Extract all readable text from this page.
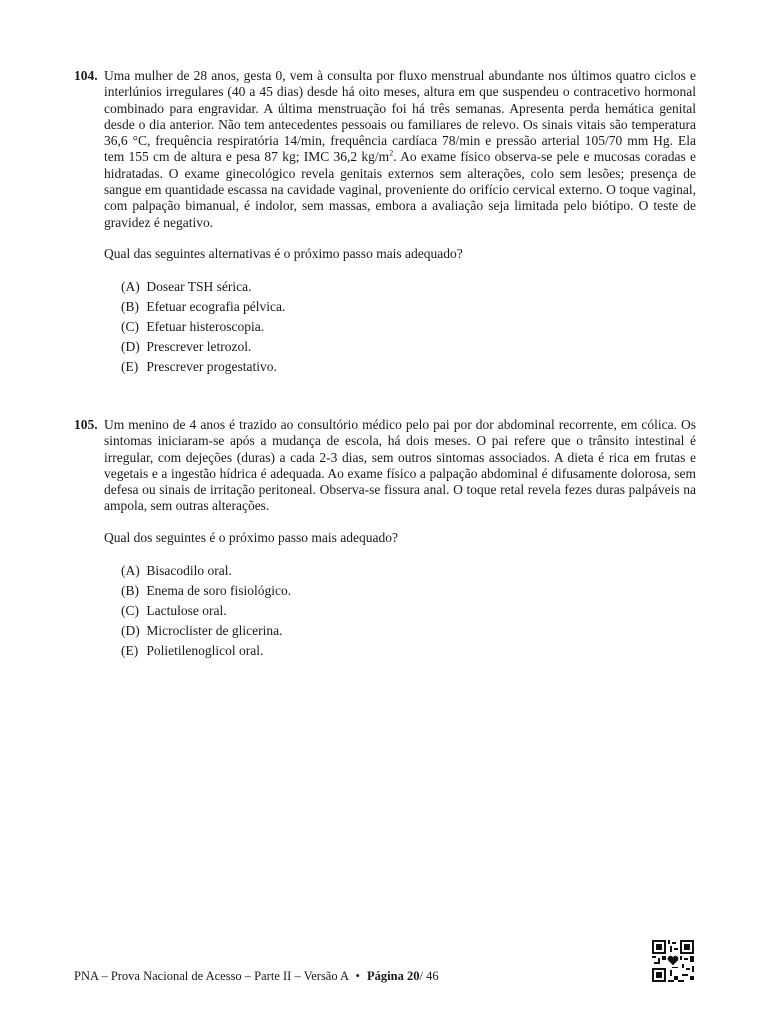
104. Uma mulher de 28 anos, gesta 0, vem à consulta por fluxo menstrual abundante nos últimos quatro ciclos e interlúnios irregulares (40 a 45 dias) desde há oito meses, altura em que suspendeu o contracetivo hormonal combinado para engravidar. A última menstruação foi há três semanas. Apresenta perda hemática genital desde o dia anterior. Não tem antecedentes pessoais ou familiares de relevo. Os sinais vitais são temperatura 36,6 °C, frequência respiratória 14/min, frequência cardíaca 78/min e pressão arterial 105/70 mm Hg. Ela tem 155 cm de altura e pesa 87 kg; IMC 36,2 $kg/m^2$. Ao exame físico observa-se pele e mucosas coradas e hidratadas. O exame ginecológico revela genitais externos sem alterações, colo sem lesões; presença de sangue em quantidade escassa na cavidade vaginal, proveniente do orifício cervical externo. O toque vaginal, com palpação bimanual, é indolor, sem massas, embora a avaliação seja limitada pelo biótipo. O teste de gravidez é negativo.

Qual das seguintes alternativas é o próximo passo mais adequado?

(A) Dosear TSH sérica.
(B) Efetuar ecografia pélvica.
(C) Efetuar histeroscopia.
(D) Prescrever letrozol.
(E) Prescrever progestativo.
105. Um menino de 4 anos é trazido ao consultório médico pelo pai por dor abdominal recorrente, em cólica. Os sintomas iniciaram-se após a mudança de escola, há dois meses. O pai refere que o trânsito intestinal é irregular, com dejeções (duras) a cada 2-3 dias, sem outros sintomas associados. A dieta é rica em frutas e vegetais e a ingestão hídrica é adequada. Ao exame físico a palpação abdominal é difusamente dolorosa, sem defesa ou sinais de irritação peritoneal. Observa-se fissura anal. O toque retal revela fezes duras palpáveis na ampola, sem outras alterações.

Qual dos seguintes é o próximo passo mais adequado?

(A) Bisacodilo oral.
(B) Enema de soro fisiológico.
(C) Lactulose oral.
(D) Microclister de glicerina.
(E) Polietilenoglicol oral.
PNA – Prova Nacional de Acesso – Parte II – Versão A • Página 20/ 46
